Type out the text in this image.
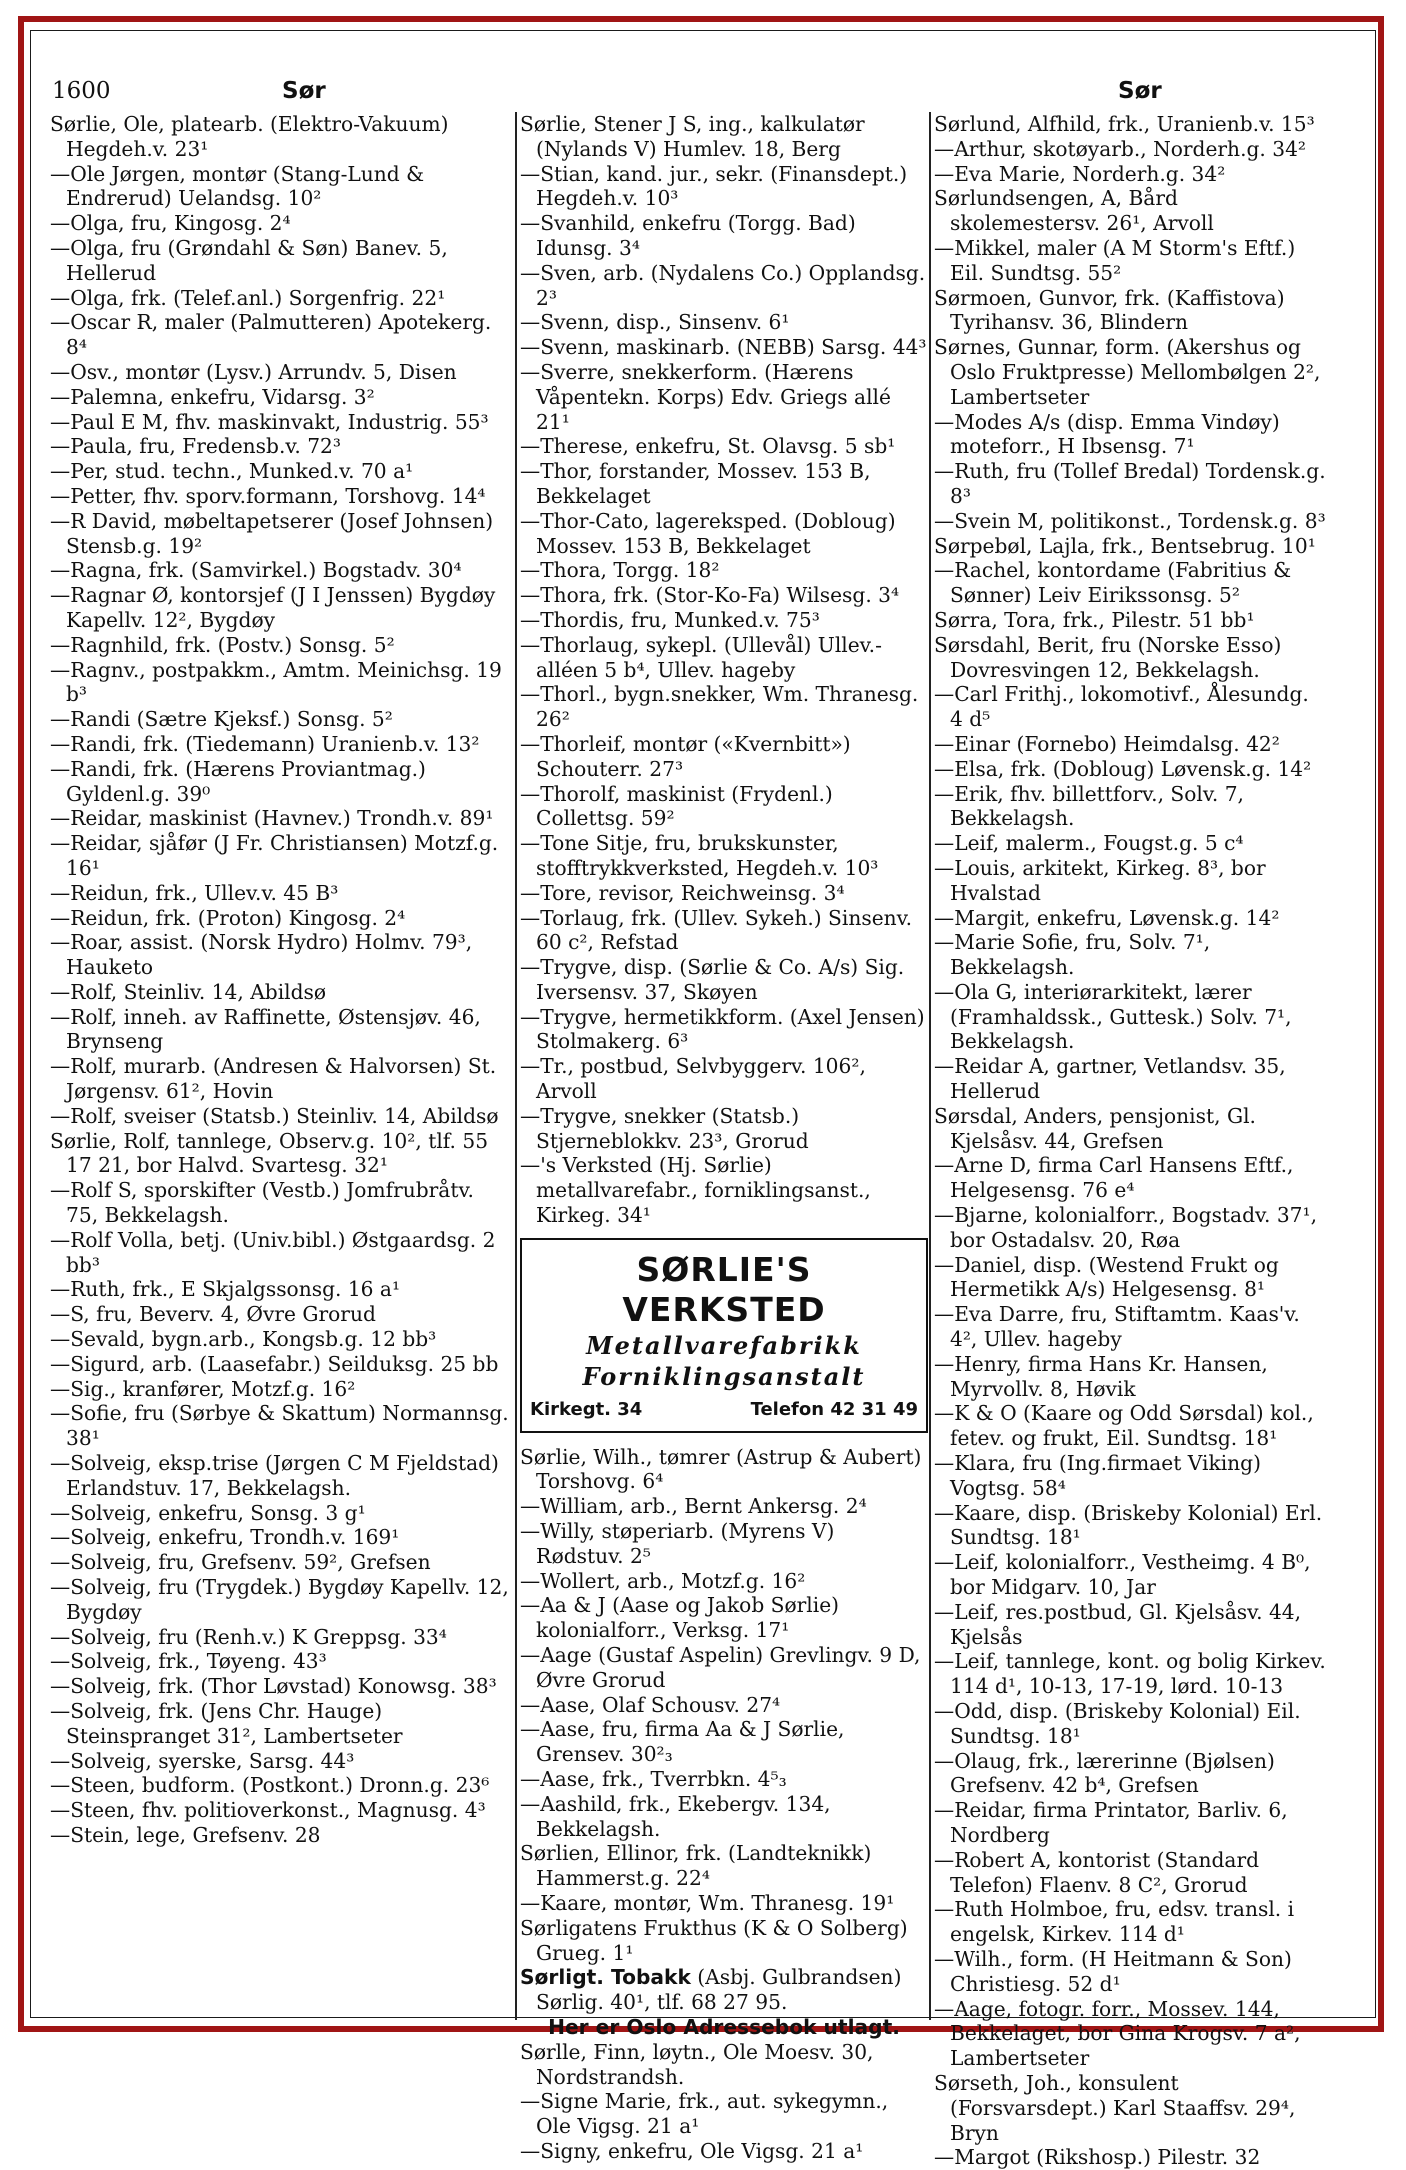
1600	Sør	Sør
Sørlie, Ole, platearb. (Elektro-Vakuum) Hegdeh.v. 23¹
—Ole Jørgen, montør (Stang-Lund & Endrerud) Uelandsg. 10²
—Olga, fru, Kingosg. 2⁴
—Olga, fru (Grøndahl & Søn) Banev. 5, Hellerud
—Olga, frk. (Telef.anl.) Sorgenfrig. 22¹
—Oscar R, maler (Palmutteren) Apotekerg. 8⁴
—Osv., montør (Lysv.) Arrundv. 5, Disen
—Palemna, enkefru, Vidarsg. 3²
—Paul E M, fhv. maskinvakt, Industrig. 55³
—Paula, fru, Fredensb.v. 72³
—Per, stud. techn., Munked.v. 70 a¹
—Petter, fhv. sporv.formann, Torshovg. 14⁴
—R David, møbeltapetserer (Josef Johnsen) Stensb.g. 19²
—Ragna, frk. (Samvirkel.) Bogstadv. 30⁴
—Ragnar Ø, kontorsjef (J I Jenssen) Bygdøy Kapellv. 12², Bygdøy
—Ragnhild, frk. (Postv.) Sonsg. 5²
—Ragnv., postpakkm., Amtm. Meinichsg. 19 b³
—Randi (Sætre Kjeksf.) Sonsg. 5²
—Randi, frk. (Tiedemann) Uranienb.v. 13²
—Randi, frk. (Hærens Proviantmag.) Gyldenl.g. 39⁰
—Reidar, maskinist (Havnev.) Trondh.v. 89¹
—Reidar, sjåfør (J Fr. Christiansen) Motzf.g. 16¹
—Reidun, frk., Ullev.v. 45 B³
—Reidun, frk. (Proton) Kingosg. 2⁴
—Roar, assist. (Norsk Hydro) Holmv. 79³, Hauketo
—Rolf, Steinliv. 14, Abildsø
—Rolf, inneh. av Raffinette, Østensjøv. 46, Brynseng
—Rolf, murarb. (Andresen & Halvorsen) St. Jørgensv. 61², Hovin
—Rolf, sveiser (Statsb.) Steinliv. 14, Abildsø
Sørlie, Rolf, tannlege, Observ.g. 10², tlf. 55 17 21, bor Halvd. Svartesg. 32¹
—Rolf S, sporskifter (Vestb.) Jomfrubråtv. 75, Bekkelagsh.
—Rolf Volla, betj. (Univ.bibl.) Østgaardsg. 2 bb³
—Ruth, frk., E Skjalgssonsg. 16 a¹
—S, fru, Beverv. 4, Øvre Grorud
—Sevald, bygn.arb., Kongsb.g. 12 bb³
—Sigurd, arb. (Laasefabr.) Seilduksg. 25 bb
—Sig., kranfører, Motzf.g. 16²
—Sofie, fru (Sørbye & Skattum) Normannsg. 38¹
—Solveig, eksp.trise (Jørgen C M Fjeldstad) Erlandstuv. 17, Bekkelagsh.
—Solveig, enkefru, Sonsg. 3 g¹
—Solveig, enkefru, Trondh.v. 169¹
—Solveig, fru, Grefsenv. 59², Grefsen
—Solveig, fru (Trygdek.) Bygdøy Kapellv. 12, Bygdøy
—Solveig, fru (Renh.v.) K Greppsg. 33⁴
—Solveig, frk., Tøyeng. 43³
—Solveig, frk. (Thor Løvstad) Konowsg. 38³
—Solveig, frk. (Jens Chr. Hauge) Steinspranget 31², Lambertseter
—Solveig, syerske, Sarsg. 44³
—Steen, budform. (Postkont.) Dronn.g. 23⁶
—Steen, fhv. politioverkonst., Magnusg. 4³
—Stein, lege, Grefsenv. 28
Sørlie, Stener J S, ing., kalkulatør (Nylands V) Humlev. 18, Berg
—Stian, kand. jur., sekr. (Finansdept.) Hegdeh.v. 10³
—Svanhild, enkefru (Torgg. Bad) Idunsg. 3⁴
—Sven, arb. (Nydalens Co.) Opplandsg. 2³
—Svenn, disp., Sinsenv. 6¹
—Svenn, maskinarb. (NEBB) Sarsg. 44³
—Sverre, snekkerform. (Hærens Våpentekn. Korps) Edv. Griegs allé 21¹
—Therese, enkefru, St. Olavsg. 5 sb¹
—Thor, forstander, Mossev. 153 B, Bekkelaget
—Thor-Cato, lagereksped. (Dobloug) Mossev. 153 B, Bekkelaget
—Thora, Torgg. 18²
—Thora, frk. (Stor-Ko-Fa) Wilsesg. 3⁴
—Thordis, fru, Munked.v. 75³
—Thorlaug, sykepl. (Ullevål) Ullev.-alléen 5 b⁴, Ullev. hageby
—Thorl., bygn.snekker, Wm. Thranesg. 26²
—Thorleif, montør («Kvernbitt») Schouterr. 27³
—Thorolf, maskinist (Frydenl.) Collettsg. 59²
—Tone Sitje, fru, brukskunster, stofftrykkverksted, Hegdeh.v. 10³
—Tore, revisor, Reichweinsg. 3⁴
—Torlaug, frk. (Ullev. Sykeh.) Sinsenv. 60 c², Refstad
—Trygve, disp. (Sørlie & Co. A/s) Sig. Iversensv. 37, Skøyen
—Trygve, hermetikkform. (Axel Jensen) Stolmakerg. 6³
—Tr., postbud, Selvbyggerv. 106², Arvoll
—Trygve, snekker (Statsb.) Stjerneblokkv. 23³, Grorud
—'s Verksted (Hj. Sørlie) metallvarefabr., forniklingsanst., Kirkeg. 34¹
SØRLIE'S VERKSTED
Metallvarefabrikk
Forniklingsanstalt
Kirkegt. 34	Telefon 42 31 49
Sørlie, Wilh., tømrer (Astrup & Aubert) Torshovg. 6⁴
—William, arb., Bernt Ankersg. 2⁴
—Willy, støperiarb. (Myrens V) Rødstuv. 2⁵
—Wollert, arb., Motzf.g. 16²
—Aa & J (Aase og Jakob Sørlie) kolonialforr., Verksg. 17¹
—Aage (Gustaf Aspelin) Grevlingv. 9 D, Øvre Grorud
—Aase, Olaf Schousv. 27⁴
—Aase, fru, firma Aa & J Sørlie, Grensev. 30²₃
—Aase, frk., Tverrbkn. 4⁵₃
—Aashild, frk., Ekebergv. 134, Bekkelagsh.
Sørlien, Ellinor, frk. (Landteknikk) Hammerst.g. 22⁴
—Kaare, montør, Wm. Thranesg. 19¹
Sørligatens Frukthus (K & O Solberg) Grueg. 1¹
Sørligt. Tobakk (Asbj. Gulbrandsen) Sørlig. 40¹, tlf. 68 27 95.
Her er Oslo Adressebok utlagt.
Sørlle, Finn, løytn., Ole Moesv. 30, Nordstrandsh.
—Signe Marie, frk., aut. sykegymn., Ole Vigsg. 21 a¹
—Signy, enkefru, Ole Vigsg. 21 a¹
Sørlund, Alfhild, frk., Uranienb.v. 15³
—Arthur, skotøyarb., Norderh.g. 34²
—Eva Marie, Norderh.g. 34²
Sørlundsengen, A, Bård skolemestersv. 26¹, Arvoll
—Mikkel, maler (A M Storm's Eftf.) Eil. Sundtsg. 55²
Sørmoen, Gunvor, frk. (Kaffistova) Tyrihansv. 36, Blindern
Sørnes, Gunnar, form. (Akershus og Oslo Fruktpresse) Mellombølgen 2², Lambertseter
—Modes A/s (disp. Emma Vindøy) moteforr., H Ibsensg. 7¹
—Ruth, fru (Tollef Bredal) Tordensk.g. 8³
—Svein M, politikonst., Tordensk.g. 8³
Sørpebøl, Lajla, frk., Bentsebrug. 10¹
—Rachel, kontordame (Fabritius & Sønner) Leiv Eirikssonsg. 5²
Sørra, Tora, frk., Pilestr. 51 bb¹
Sørsdahl, Berit, fru (Norske Esso) Dovresvingen 12, Bekkelagsh.
—Carl Frithj., lokomotivf., Ålesundg. 4 d⁵
—Einar (Fornebo) Heimdalsg. 42²
—Elsa, frk. (Dobloug) Løvensk.g. 14²
—Erik, fhv. billettforv., Solv. 7, Bekkelagsh.
—Leif, malerm., Fougst.g. 5 c⁴
—Louis, arkitekt, Kirkeg. 8³, bor Hvalstad
—Margit, enkefru, Løvensk.g. 14²
—Marie Sofie, fru, Solv. 7¹, Bekkelagsh.
—Ola G, interiørarkitekt, lærer (Framhaldssk., Guttesk.) Solv. 7¹, Bekkelagsh.
—Reidar A, gartner, Vetlandsv. 35, Hellerud
Sørsdal, Anders, pensjonist, Gl. Kjelsåsv. 44, Grefsen
—Arne D, firma Carl Hansens Eftf., Helgesensg. 76 e⁴
—Bjarne, kolonialforr., Bogstadv. 37¹, bor Ostadalsv. 20, Røa
—Daniel, disp. (Westend Frukt og Hermetikk A/s) Helgesensg. 8¹
—Eva Darre, fru, Stiftamtm. Kaas'v. 4², Ullev. hageby
—Henry, firma Hans Kr. Hansen, Myrvollv. 8, Høvik
—K & O (Kaare og Odd Sørsdal) kol., fetev. og frukt, Eil. Sundtsg. 18¹
—Klara, fru (Ing.firmaet Viking) Vogtsg. 58⁴
—Kaare, disp. (Briskeby Kolonial) Erl. Sundtsg. 18¹
—Leif, kolonialforr., Vestheimg. 4 B⁰, bor Midgarv. 10, Jar
—Leif, res.postbud, Gl. Kjelsåsv. 44, Kjelsås
—Leif, tannlege, kont. og bolig Kirkev. 114 d¹, 10-13, 17-19, lørd. 10-13
—Odd, disp. (Briskeby Kolonial) Eil. Sundtsg. 18¹
—Olaug, frk., lærerinne (Bjølsen) Grefsenv. 42 b⁴, Grefsen
—Reidar, firma Printator, Barliv. 6, Nordberg
—Robert A, kontorist (Standard Telefon) Flaenv. 8 C², Grorud
—Ruth Holmboe, fru, edsv. transl. i engelsk, Kirkev. 114 d¹
—Wilh., form. (H Heitmann & Son) Christiesg. 52 d¹
—Aage, fotogr. forr., Mossev. 144, Bekkelaget, bor Gina Krogsv. 7 a², Lambertseter
Sørseth, Joh., konsulent (Forsvarsdept.) Karl Staaffsv. 29⁴, Bryn
—Margot (Rikshosp.) Pilestr. 32
